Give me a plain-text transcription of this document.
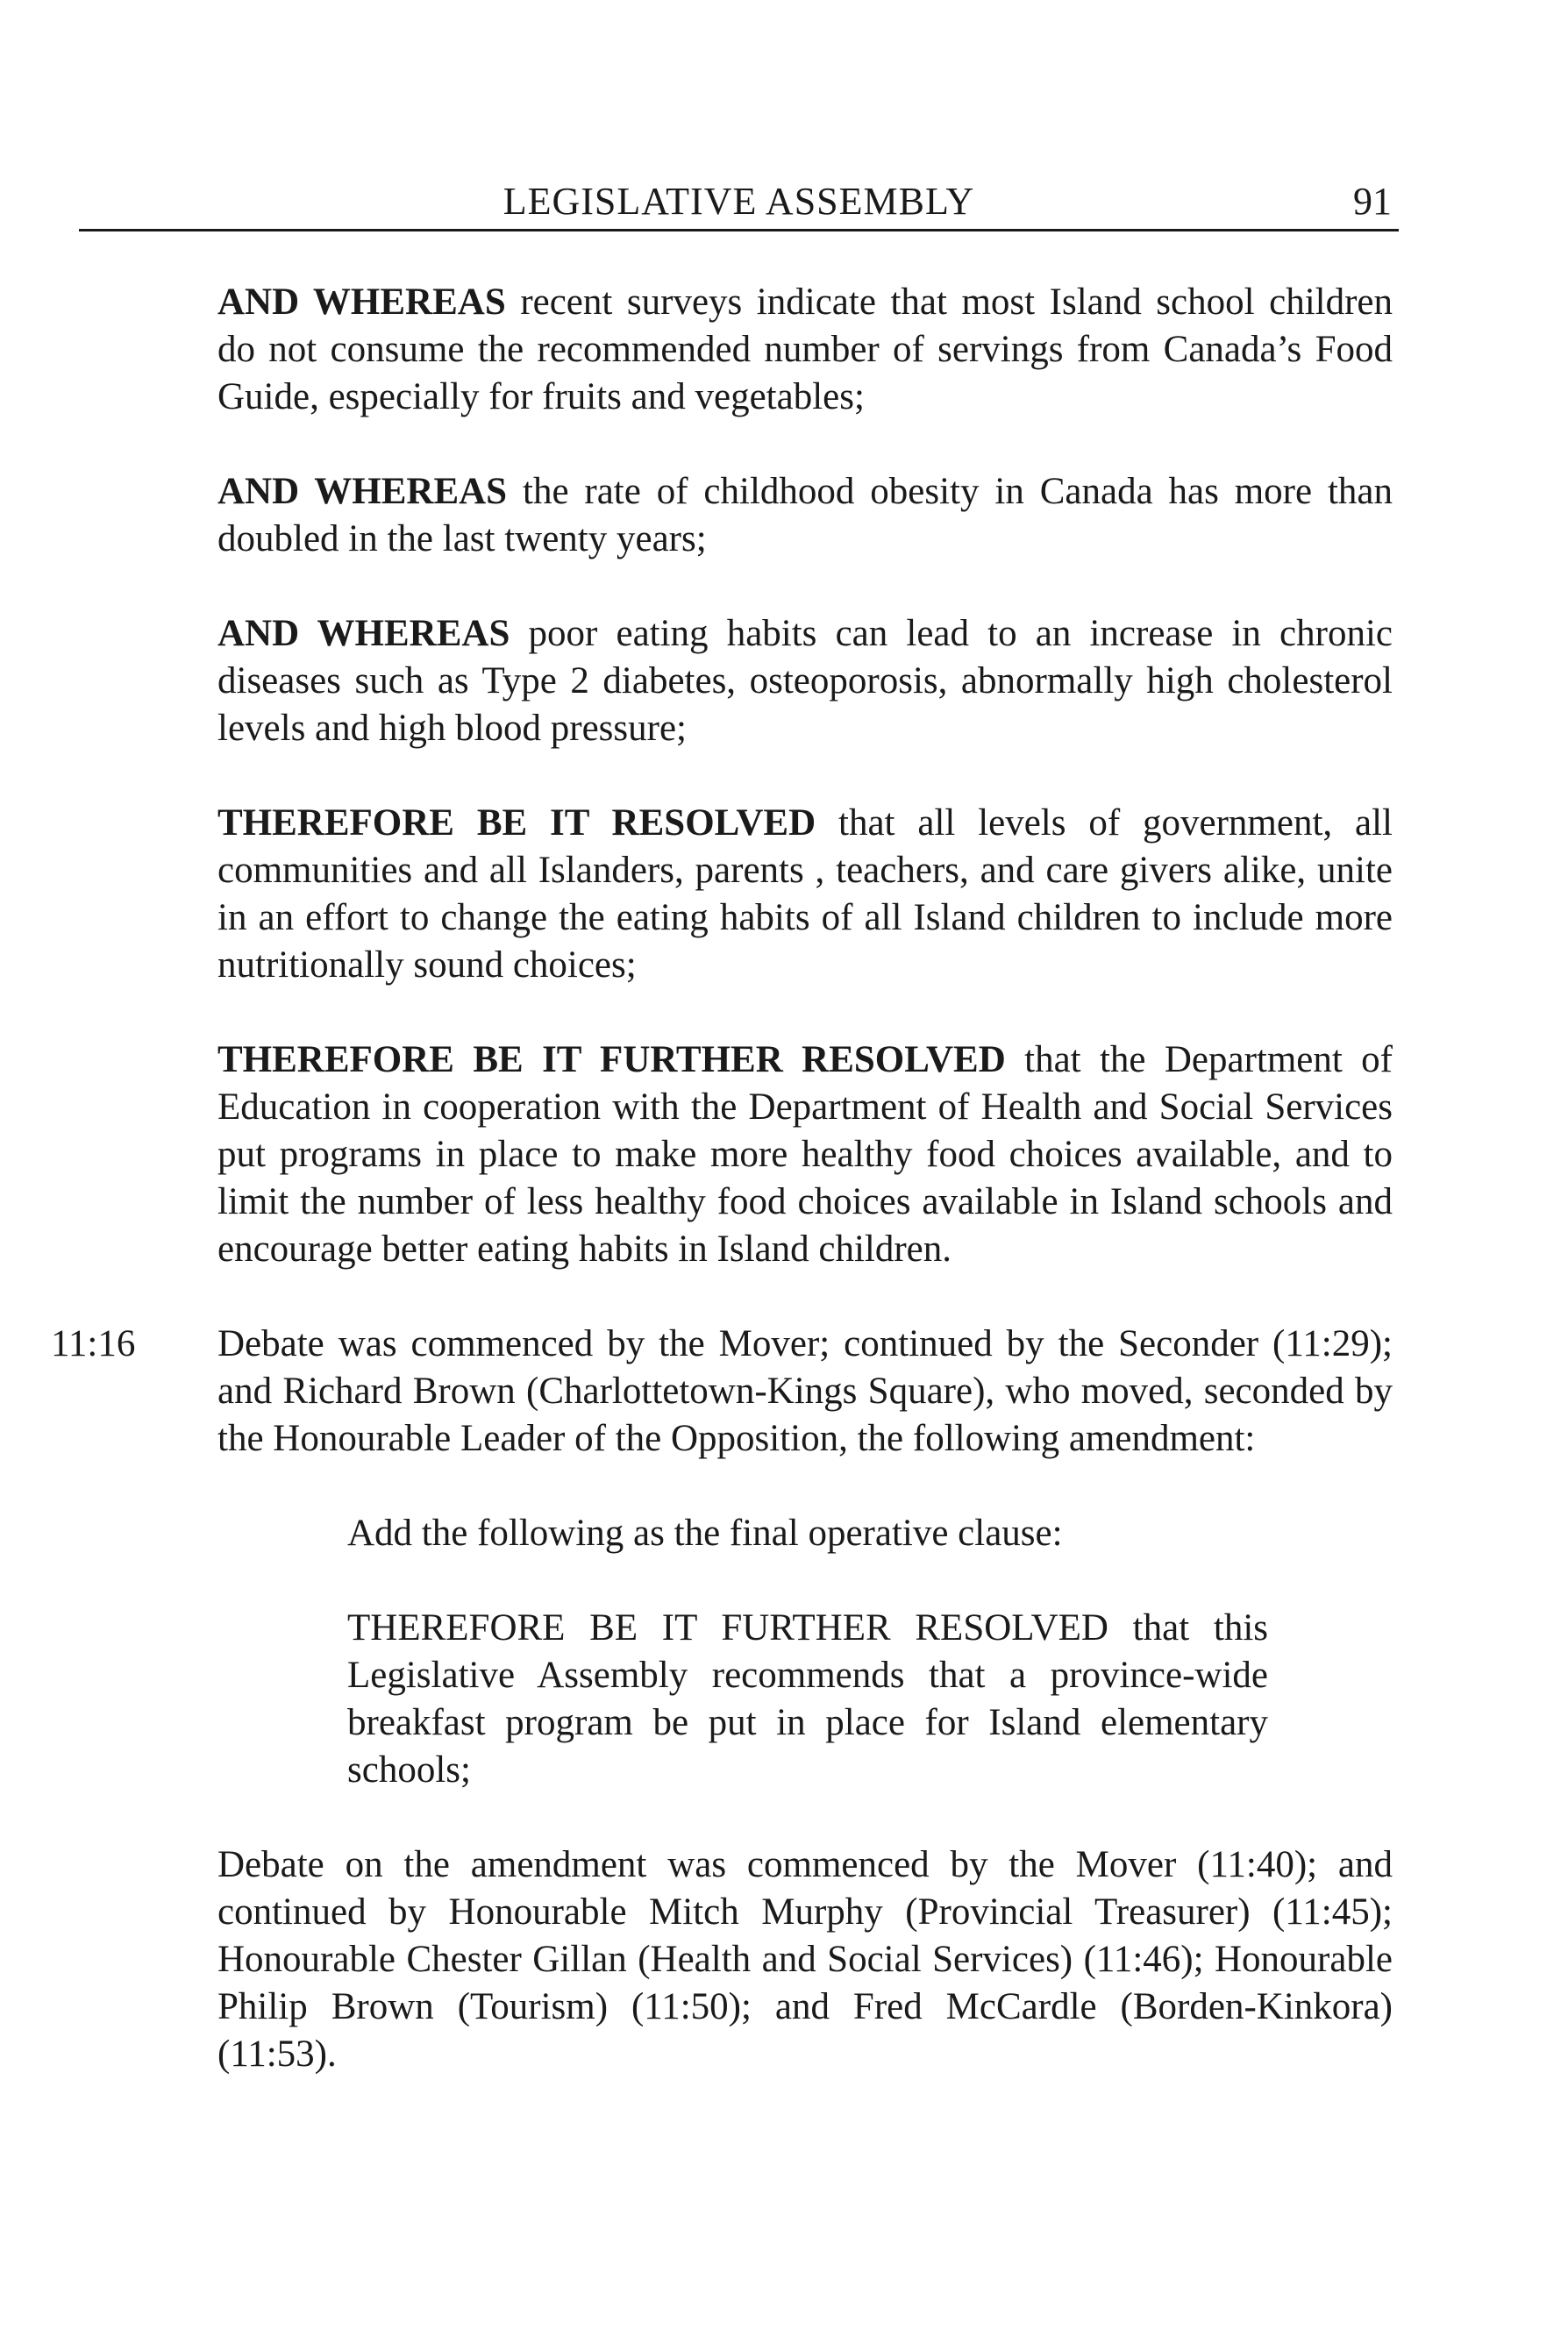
LEGISLATIVE ASSEMBLY	91

AND WHEREAS recent surveys indicate that most Island school children do not consume the recommended number of servings from Canada’s Food Guide, especially for fruits and vegetables;

AND WHEREAS the rate of childhood obesity in Canada has more than doubled in the last twenty years;

AND WHEREAS poor eating habits can lead to an increase in chronic diseases such as Type 2 diabetes, osteoporosis, abnormally high cholesterol levels and high blood pressure;

THEREFORE BE IT RESOLVED that all levels of government, all communities and all Islanders, parents , teachers, and care givers alike, unite in an effort to change the eating habits of all Island children to include more nutritionally sound choices;

THEREFORE BE IT FURTHER RESOLVED that the Department of Education in cooperation with the Department of Health and Social Services put programs in place to make more healthy food choices available, and to limit the number of less healthy food choices available in Island schools and encourage better eating habits in Island children.

11:16 Debate was commenced by the Mover; continued by the Seconder (11:29); and Richard Brown (Charlottetown-Kings Square), who moved, seconded by the Honourable Leader of the Opposition, the following amendment:

Add the following as the final operative clause:

THEREFORE BE IT FURTHER RESOLVED that this Legislative Assembly recommends that a province-wide breakfast program be put in place for Island elementary schools;

Debate on the amendment was commenced by the Mover (11:40); and continued by Honourable Mitch Murphy (Provincial Treasurer) (11:45); Honourable Chester Gillan (Health and Social Services) (11:46); Honourable Philip Brown (Tourism) (11:50); and Fred McCardle (Borden-Kinkora) (11:53).
